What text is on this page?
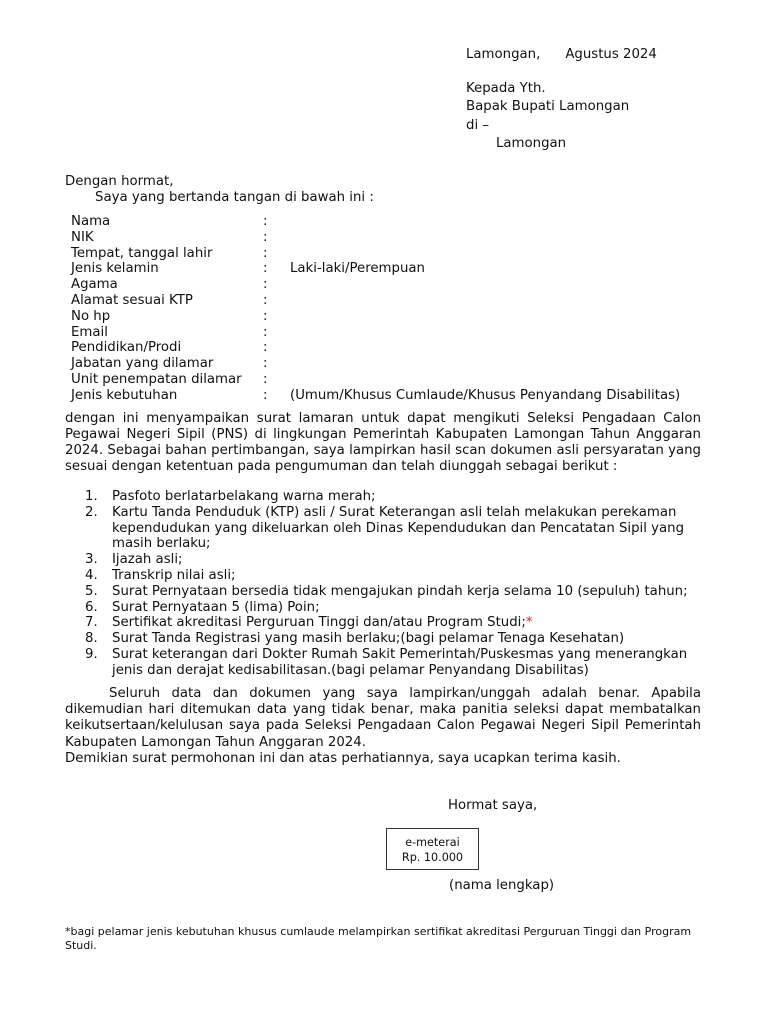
Lamongan, Agustus 2024
Kepada Yth.
Bapak Bupati Lamongan
di –
Lamongan
Dengan hormat,
Saya yang bertanda tangan di bawah ini :
Nama	:
NIK	:
Tempat, tanggal lahir	:
Jenis kelamin	: Laki-laki/Perempuan
Agama	:
Alamat sesuai KTP	:
No hp	:
Email	:
Pendidikan/Prodi	:
Jabatan yang dilamar	:
Unit penempatan dilamar :
Jenis kebutuhan	: (Umum/Khusus Cumlaude/Khusus Penyandang Disabilitas)

dengan ini menyampaikan surat lamaran untuk dapat mengikuti Seleksi Pengadaan Calon Pegawai Negeri Sipil (PNS) di lingkungan Pemerintah Kabupaten Lamongan Tahun Anggaran 2024. Sebagai bahan pertimbangan, saya lampirkan hasil scan dokumen asli persyaratan yang sesuai dengan ketentuan pada pengumuman dan telah diunggah sebagai berikut :

1. Pasfoto berlatarbelakang warna merah;
2. Kartu Tanda Penduduk (KTP) asli / Surat Keterangan asli telah melakukan perekaman kependudukan yang dikeluarkan oleh Dinas Kependudukan dan Pencatatan Sipil yang masih berlaku;
3. Ijazah asli;
4. Transkrip nilai asli;
5. Surat Pernyataan bersedia tidak mengajukan pindah kerja selama 10 (sepuluh) tahun;
6. Surat Pernyataan 5 (lima) Poin;
7. Sertifikat akreditasi Perguruan Tinggi dan/atau Program Studi;*
8. Surat Tanda Registrasi yang masih berlaku;(bagi pelamar Tenaga Kesehatan)
9. Surat keterangan dari Dokter Rumah Sakit Pemerintah/Puskesmas yang menerangkan jenis dan derajat kedisabilitasan.(bagi pelamar Penyandang Disabilitas)

Seluruh data dan dokumen yang saya lampirkan/unggah adalah benar. Apabila dikemudian hari ditemukan data yang tidak benar, maka panitia seleksi dapat membatalkan keikutsertaan/kelulusan saya pada Seleksi Pengadaan Calon Pegawai Negeri Sipil Pemerintah Kabupaten Lamongan Tahun Anggaran 2024.

Demikian surat permohonan ini dan atas perhatiannya, saya ucapkan terima kasih.

Hormat saya,
e-meterai
Rp. 10.000
(nama lengkap)
*bagi pelamar jenis kebutuhan khusus cumlaude melampirkan sertifikat akreditasi Perguruan Tinggi dan Program Studi.
